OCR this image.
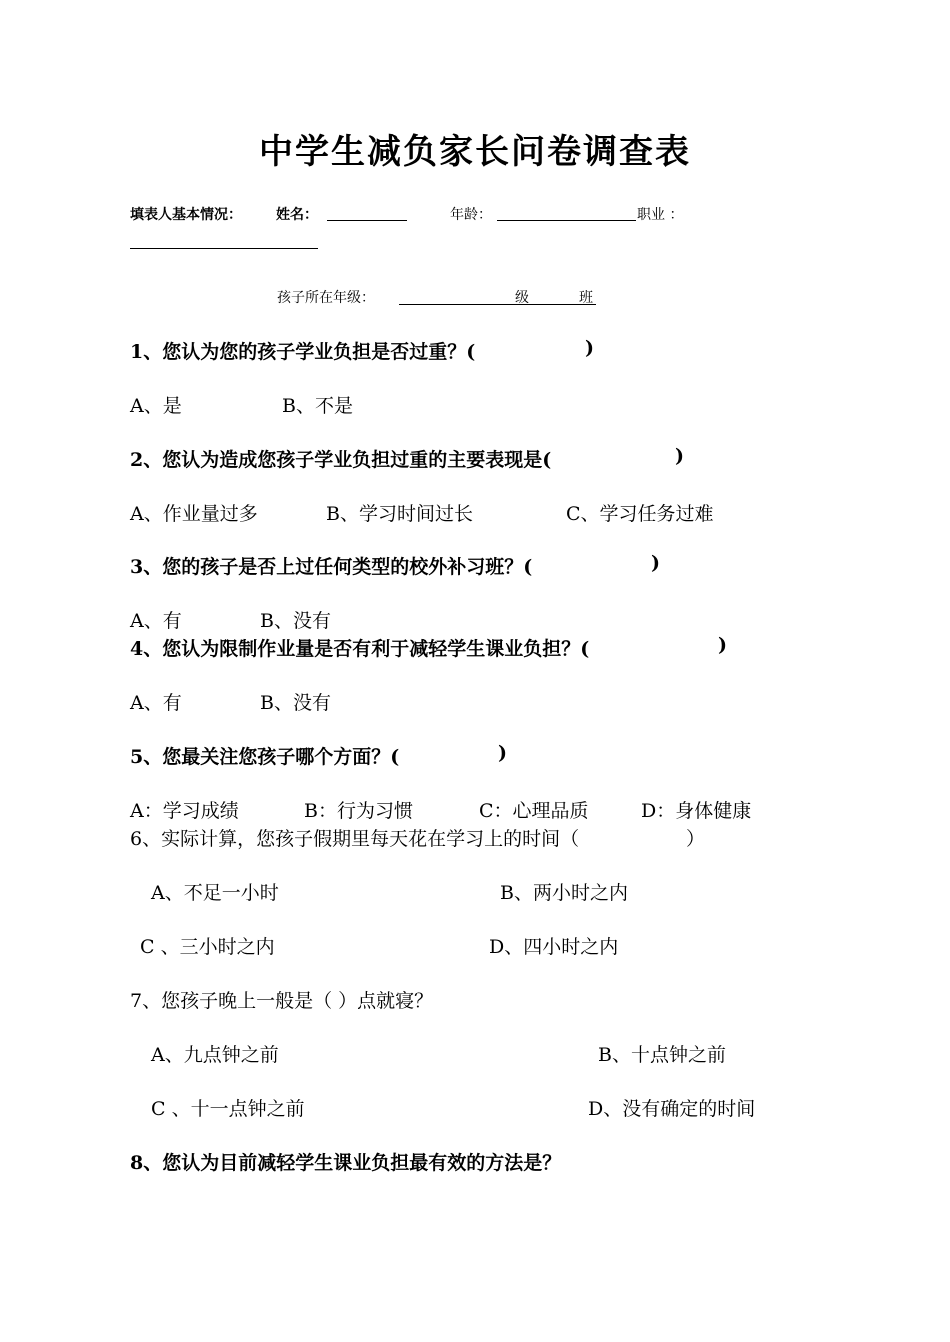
中学生减负家长问卷调查表
填表人基本情况： 姓名：	年龄：	职业 ：
孩子所在年级：	级	班
1、您认为您的孩子学业负担是否过重？(	)
A、是	B、不是
2、您认为造成您孩子学业负担过重的主要表现是(	)
A、作业量过多	B、学习时间过长	C、学习任务过难
3、您的孩子是否上过任何类型的校外补习班？(	)
A、有	B、没有
4、您认为限制作业量是否有利于减轻学生课业负担？(	)
A、有	B、没有
5、您最关注您孩子哪个方面？(	)
A：学习成绩	B：行为习惯	C：心理品质	D：身体健康
6、实际计算，您孩子假期里每天花在学习上的时间（	）
A、不足一小时	B、两小时之内
C 、三小时之内	D、四小时之内
7、您孩子晚上一般是（ ）点就寝？
A、九点钟之前	B、十点钟之前
C 、十一点钟之前	D、没有确定的时间
8、您认为目前减轻学生课业负担最有效的方法是？
